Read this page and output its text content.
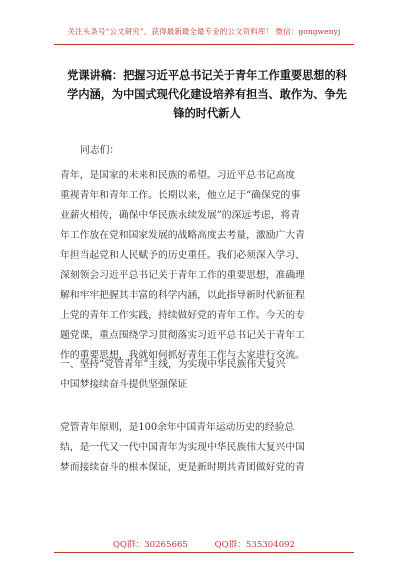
关注头条号“公文研究”，获得最新最全最专业的公文资料库！ 微信：gongwenyj
党课讲稿：把握习近平总书记关于青年工作重要思想的科
学内涵，为中国式现代化建设培养有担当、敢作为、争先
锋的时代新人
同志们：
青年，是国家的未来和民族的希望。习近平总书记高度
重视青年和青年工作。长期以来，他立足于“确保党的事
业薪火相传，确保中华民族永续发展”的深远考虑，将青
年工作放在党和国家发展的战略高度去考量，激励广大青
年担当起党和人民赋予的历史重任。我们必须深入学习、
深刻领会习近平总书记关于青年工作的重要思想，准确理
解和牢牢把握其丰富的科学内涵，以此指导新时代新征程
上党的青年工作实践，持续做好党的青年工作。今天的专
题党课，重点围绕学习贯彻落实习近平总书记关于青年工
作的重要思想，我就如何抓好青年工作与大家进行交流。
一、坚持“党管青年”主线，为实现中华民族伟大复兴
中国梦接续奋斗提供坚强保证
党管青年原则，是100余年中国青年运动历史的经验总
结，是一代又一代中国青年为实现中华民族伟大复兴中国
梦而接续奋斗的根本保证，更是新时期共青团做好党的青
QQ群：30265665	QQ群：535304092
